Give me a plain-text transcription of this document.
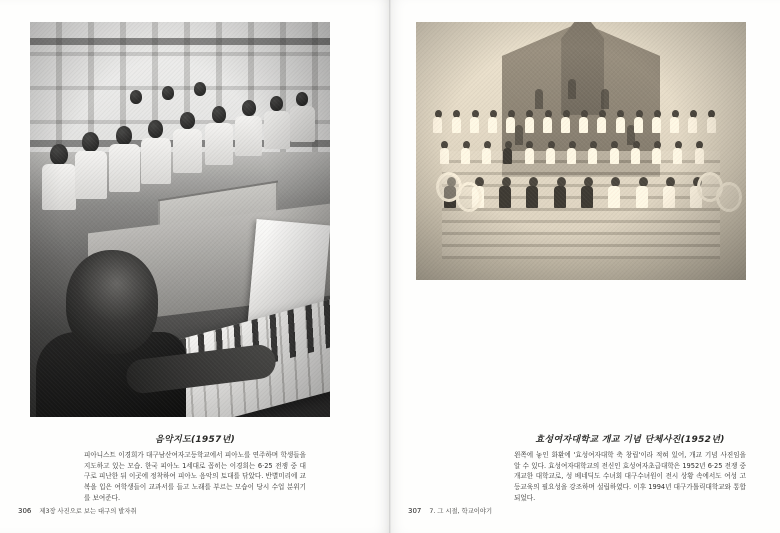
음악지도(1957년)

피아니스트 이경희가 대구남산여자고등학교에서 피아노를 연주하며 학생들을 지도하고 있는 모습. 한국 피아노 1세대로 꼽히는 이경희는 6·25 전쟁 중 대구로 피난한 뒤 이곳에 정착하여 피아노 음악의 토대를 닦았다. 반별미리에 교복을 입은 여학생들이 교과서를 들고 노래를 부르는 모습이 당시 수업 분위기를 보여준다.

306 제3장 사진으로 보는 대구의 발자취
효성여자대학교 개교 기념 단체사진(1952년)

왼쪽에 놓인 화환에 '효성여자대학 축 창립'이라 적혀 있어, 개교 기념 사진임을 알 수 있다. 효성여자대학교의 전신인 효성여자초급대학은 1952년 6·25 전쟁 중 개교한 대학교로, 성 베네딕도 수녀회 대구수녀원이 전시 상황 속에서도 여성 고등교육의 필요성을 강조하며 설립하였다. 이후 1994년 대구가톨릭대학교와 통합되었다.

307 7. 그 시절, 학교이야기
